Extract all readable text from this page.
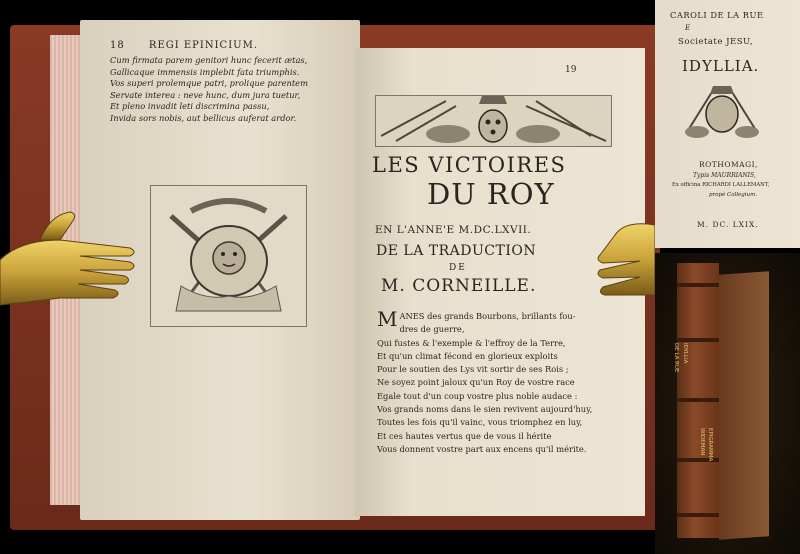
18 REGI EPINICIUM.
Cum firmata parem genitori hunc fecerit ætas,
Gallicaque immensis implebit fata triumphis.
Vos superi prolemque patri, prolique parentem
Servate interea : neve hunc, dum jura tuetur,
Et pleno invadit leti discrimina passu,
Invida sors nobis, aut bellicus auferat ardor.
19
LES VICTOIRES
DU ROY
EN L'ANNE'E M.DC.LXVII.
DE LA TRADUCTION
DE
M. CORNEILLE.
M ANES des grands Bourbons, brillants fou-
dres de guerre,
Qui fustes & l'exemple & l'effroy de la Terre,
Et qu'un climat fécond en glorieux exploits
Pour le soutien des Lys vit sortir de ses Rois ;
Ne soyez point jaloux qu'un Roy de vostre race
Egale tout d'un coup vostre plus noble audace :
Vos grands noms dans le sien revivent aujourd'huy,
Toutes les fois qu'il vainc, vous triomphez en luy,
Et ces hautes vertus que de vous il hérite
Vous donnent vostre part aux encens qu'il mérite.
CAROLI DE LA RUE
E
Societate JESU,
IDYLLIA.
ROTHOMAGI,
Typis MAURRIANIS,
Ex officina RICHARDI LALLEMANT,
propè Collegium.
M. DC. LXIX.
DE LA RUE IDYLLIA
WIDEMAN EPIGRAMMA
